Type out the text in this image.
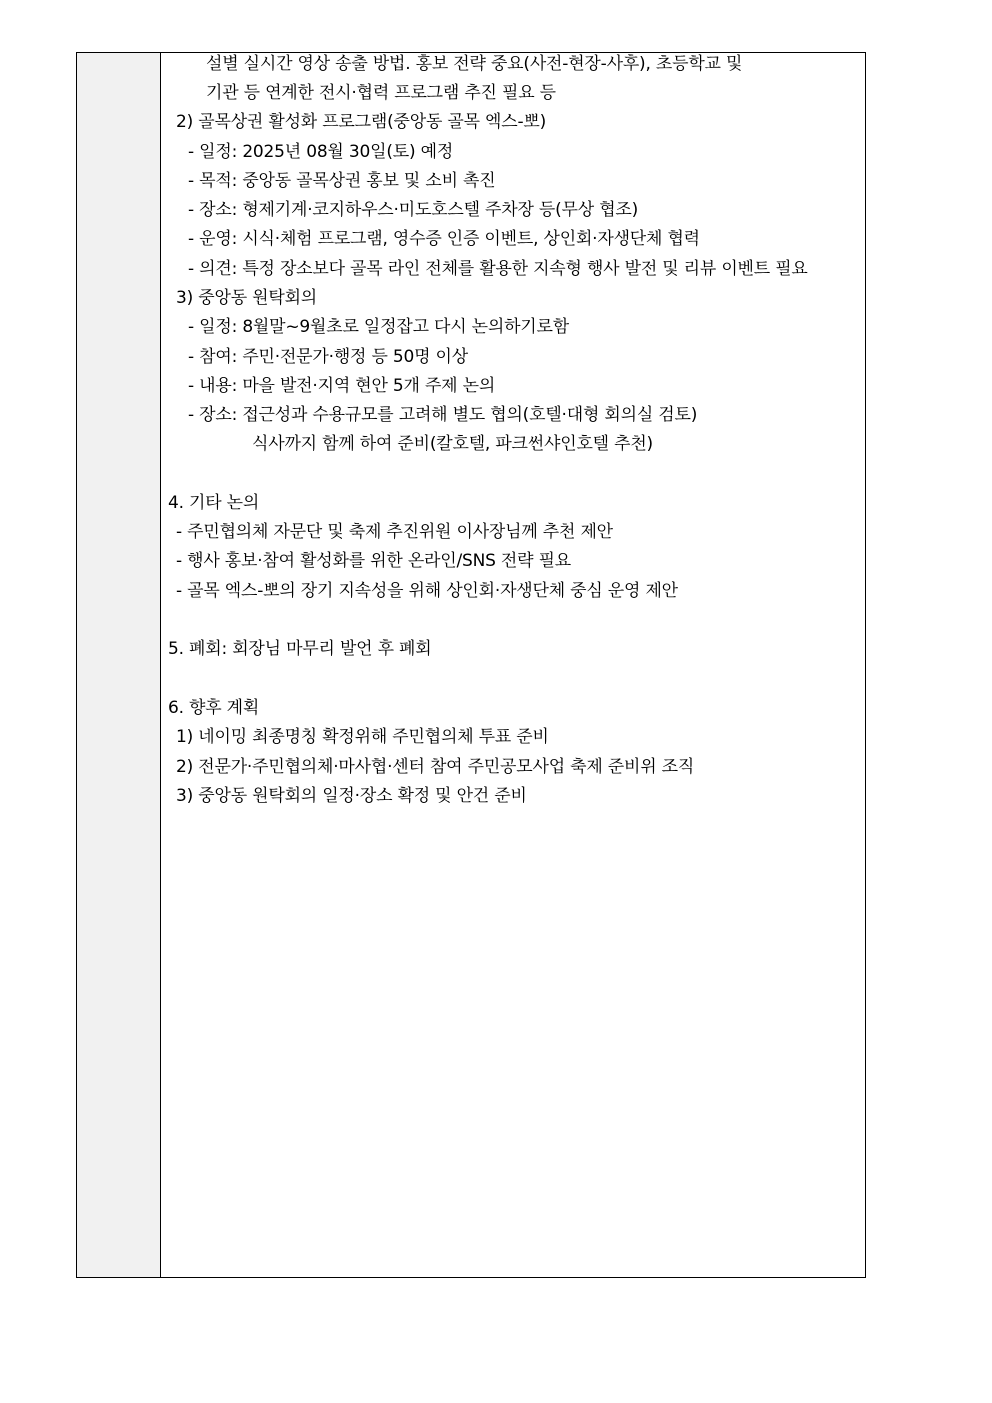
설별 실시간 영상 송출 방법. 홍보 전략 중요(사전-현장-사후), 초등학교 및
기관 등 연계한 전시·협력 프로그램 추진 필요 등
2) 골목상권 활성화 프로그램(중앙동 골목 엑스-뽀)
- 일정: 2025년 08월 30일(토) 예정
- 목적: 중앙동 골목상권 홍보 및 소비 촉진
- 장소: 형제기계·코지하우스·미도호스텔 주차장 등(무상 협조)
- 운영: 시식·체험 프로그램, 영수증 인증 이벤트, 상인회·자생단체 협력
- 의견: 특정 장소보다 골목 라인 전체를 활용한 지속형 행사 발전 및 리뷰 이벤트 필요
3) 중앙동 원탁회의
- 일정: 8월말~9월초로 일정잡고 다시 논의하기로함
- 참여: 주민·전문가·행정 등 50명 이상
- 내용: 마을 발전·지역 현안 5개 주제 논의
- 장소: 접근성과 수용규모를 고려해 별도 협의(호텔·대형 회의실 검토)
식사까지 함께 하여 준비(칼호텔, 파크썬샤인호텔 추천)
4. 기타 논의
- 주민협의체 자문단 및 축제 추진위원 이사장님께 추천 제안
- 행사 홍보·참여 활성화를 위한 온라인/SNS 전략 필요
- 골목 엑스-뽀의 장기 지속성을 위해 상인회·자생단체 중심 운영 제안
5. 폐회: 회장님 마무리 발언 후 폐회
6. 향후 계획
1) 네이밍 최종명칭 확정위해 주민협의체 투표 준비
2) 전문가·주민협의체·마사협·센터 참여 주민공모사업 축제 준비위 조직
3) 중앙동 원탁회의 일정·장소 확정 및 안건 준비
